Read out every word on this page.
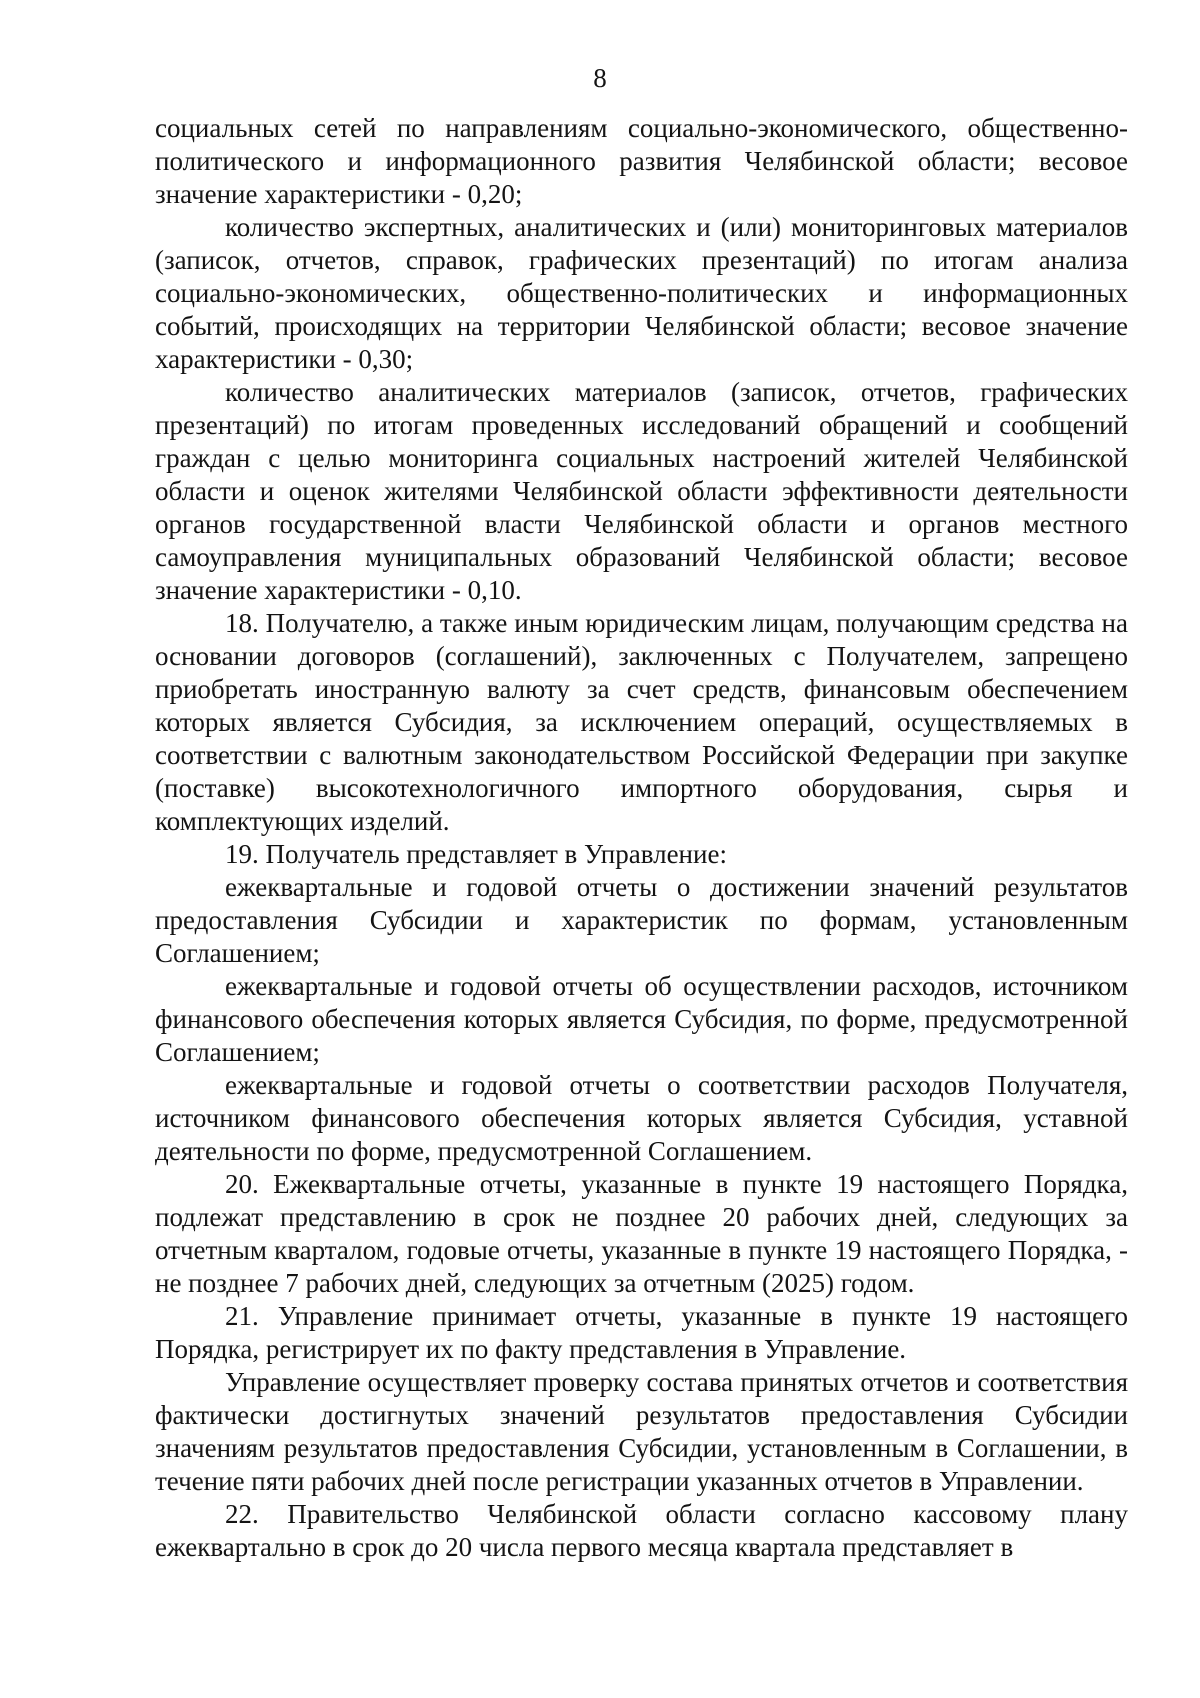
8

социальных сетей по направлениям социально-экономического, общественно-политического и информационного развития Челябинской области; весовое значение характеристики - 0,20;

количество экспертных, аналитических и (или) мониторинговых материалов (записок, отчетов, справок, графических презентаций) по итогам анализа социально-экономических, общественно-политических и информационных событий, происходящих на территории Челябинской области; весовое значение характеристики - 0,30;

количество аналитических материалов (записок, отчетов, графических презентаций) по итогам проведенных исследований обращений и сообщений граждан с целью мониторинга социальных настроений жителей Челябинской области и оценок жителями Челябинской области эффективности деятельности органов государственной власти Челябинской области и органов местного самоуправления муниципальных образований Челябинской области; весовое значение характеристики - 0,10.

18. Получателю, а также иным юридическим лицам, получающим средства на основании договоров (соглашений), заключенных с Получателем, запрещено приобретать иностранную валюту за счет средств, финансовым обеспечением которых является Субсидия, за исключением операций, осуществляемых в соответствии с валютным законодательством Российской Федерации при закупке (поставке) высокотехнологичного импортного оборудования, сырья и комплектующих изделий.

19. Получатель представляет в Управление:

ежеквартальные и годовой отчеты о достижении значений результатов предоставления Субсидии и характеристик по формам, установленным Соглашением;

ежеквартальные и годовой отчеты об осуществлении расходов, источником финансового обеспечения которых является Субсидия, по форме, предусмотренной Соглашением;

ежеквартальные и годовой отчеты о соответствии расходов Получателя, источником финансового обеспечения которых является Субсидия, уставной деятельности по форме, предусмотренной Соглашением.

20. Ежеквартальные отчеты, указанные в пункте 19 настоящего Порядка, подлежат представлению в срок не позднее 20 рабочих дней, следующих за отчетным кварталом, годовые отчеты, указанные в пункте 19 настоящего Порядка, - не позднее 7 рабочих дней, следующих за отчетным (2025) годом.

21. Управление принимает отчеты, указанные в пункте 19 настоящего Порядка, регистрирует их по факту представления в Управление.

Управление осуществляет проверку состава принятых отчетов и соответствия фактически достигнутых значений результатов предоставления Субсидии значениям результатов предоставления Субсидии, установленным в Соглашении, в течение пяти рабочих дней после регистрации указанных отчетов в Управлении.

22. Правительство Челябинской области согласно кассовому плану ежеквартально в срок до 20 числа первого месяца квартала представляет в
